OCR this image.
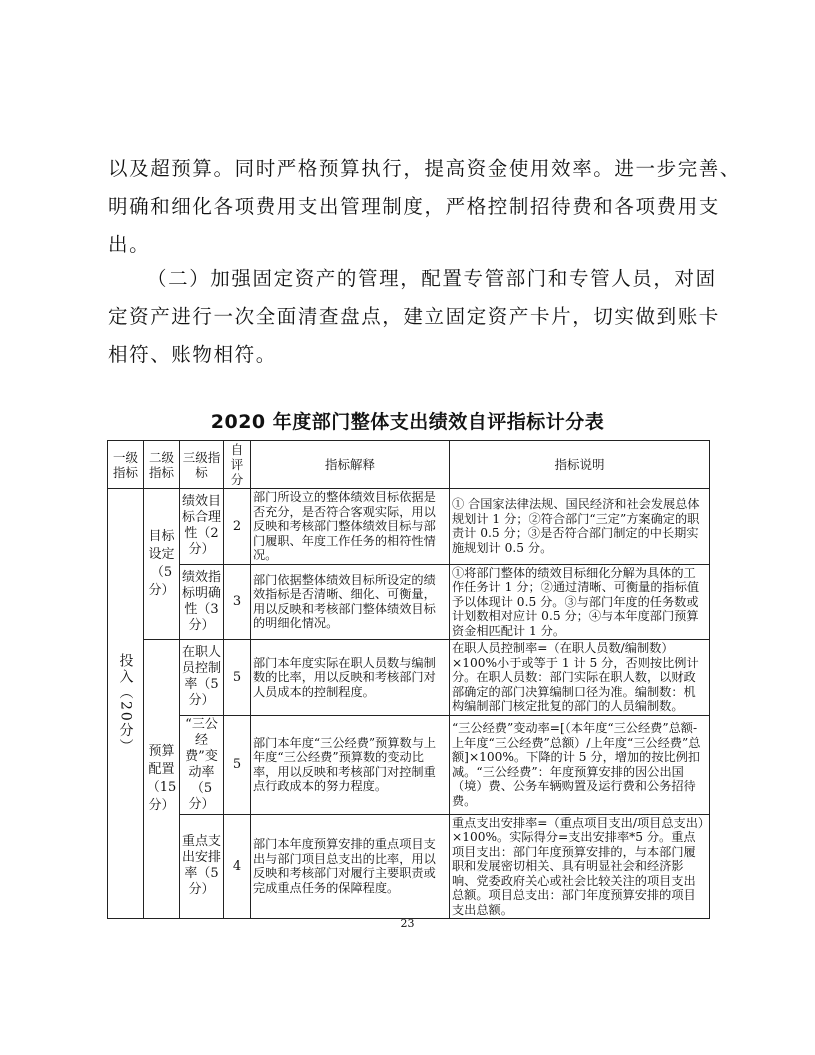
以及超预算。同时严格预算执行，提高资金使用效率。进一步完善、
明确和细化各项费用支出管理制度，严格控制招待费和各项费用支
出。
（二）加强固定资产的管理，配置专管部门和专管人员，对固
定资产进行一次全面清查盘点，建立固定资产卡片，切实做到账卡
相符、账物相符。
2020 年度部门整体支出绩效自评指标计分表
一级指标	二级指标	三级指标	自评分	指标解释	指标说明

投入（20分）	目标设定（5分）	绩效目标合理性（2分）	2	部门所设立的整体绩效目标依据是否充分，是否符合客观实际，用以反映和考核部门整体绩效目标与部门履职、年度工作任务的相符性情况。	① 合国家法律法规、国民经济和社会发展总体规划计 1 分；②符合部门“三定”方案确定的职责计 0.5 分；③是否符合部门制定的中长期实施规划计 0.5 分。
		绩效指标明确性（3分）	3	部门依据整体绩效目标所设定的绩效指标是否清晰、细化、可衡量，用以反映和考核部门整体绩效目标的明细化情况。	①将部门整体的绩效目标细化分解为具体的工作任务计 1 分；②通过清晰、可衡量的指标值予以体现计 0.5 分。③与部门年度的任务数或计划数相对应计 0.5 分；④与本年度部门预算资金相匹配计 1 分。
	预算配置（15分）	在职人员控制率（5分）	5	部门本年度实际在职人员数与编制数的比率，用以反映和考核部门对人员成本的控制程度。	在职人员控制率=（在职人员数/编制数）×100%小于或等于 1 计 5 分，否则按比例计分。在职人员数：部门实际在职人数，以财政部确定的部门决算编制口径为准。编制数：机构编制部门核定批复的部门的人员编制数。
		“三公经费”变动率（5分）	5	部门本年度“三公经费”预算数与上年度“三公经费”预算数的变动比率，用以反映和考核部门对控制重点行政成本的努力程度。	“三公经费”变动率=[（本年度“三公经费”总额-上年度“三公经费”总额）/上年度“三公经费”总额]×100%。下降的计 5 分，增加的按比例扣减。“三公经费”：年度预算安排的因公出国（境）费、公务车辆购置及运行费和公务招待费。
		重点支出安排率（5分）	4	部门本年度预算安排的重点项目支出与部门项目总支出的比率，用以反映和考核部门对履行主要职责或完成重点任务的保障程度。	重点支出安排率=（重点项目支出/项目总支出）×100%。实际得分=支出安排率*5 分。重点项目支出：部门年度预算安排的，与本部门履职和发展密切相关、具有明显社会和经济影响、党委政府关心或社会比较关注的项目支出总额。项目总支出：部门年度预算安排的项目支出总额。

23
